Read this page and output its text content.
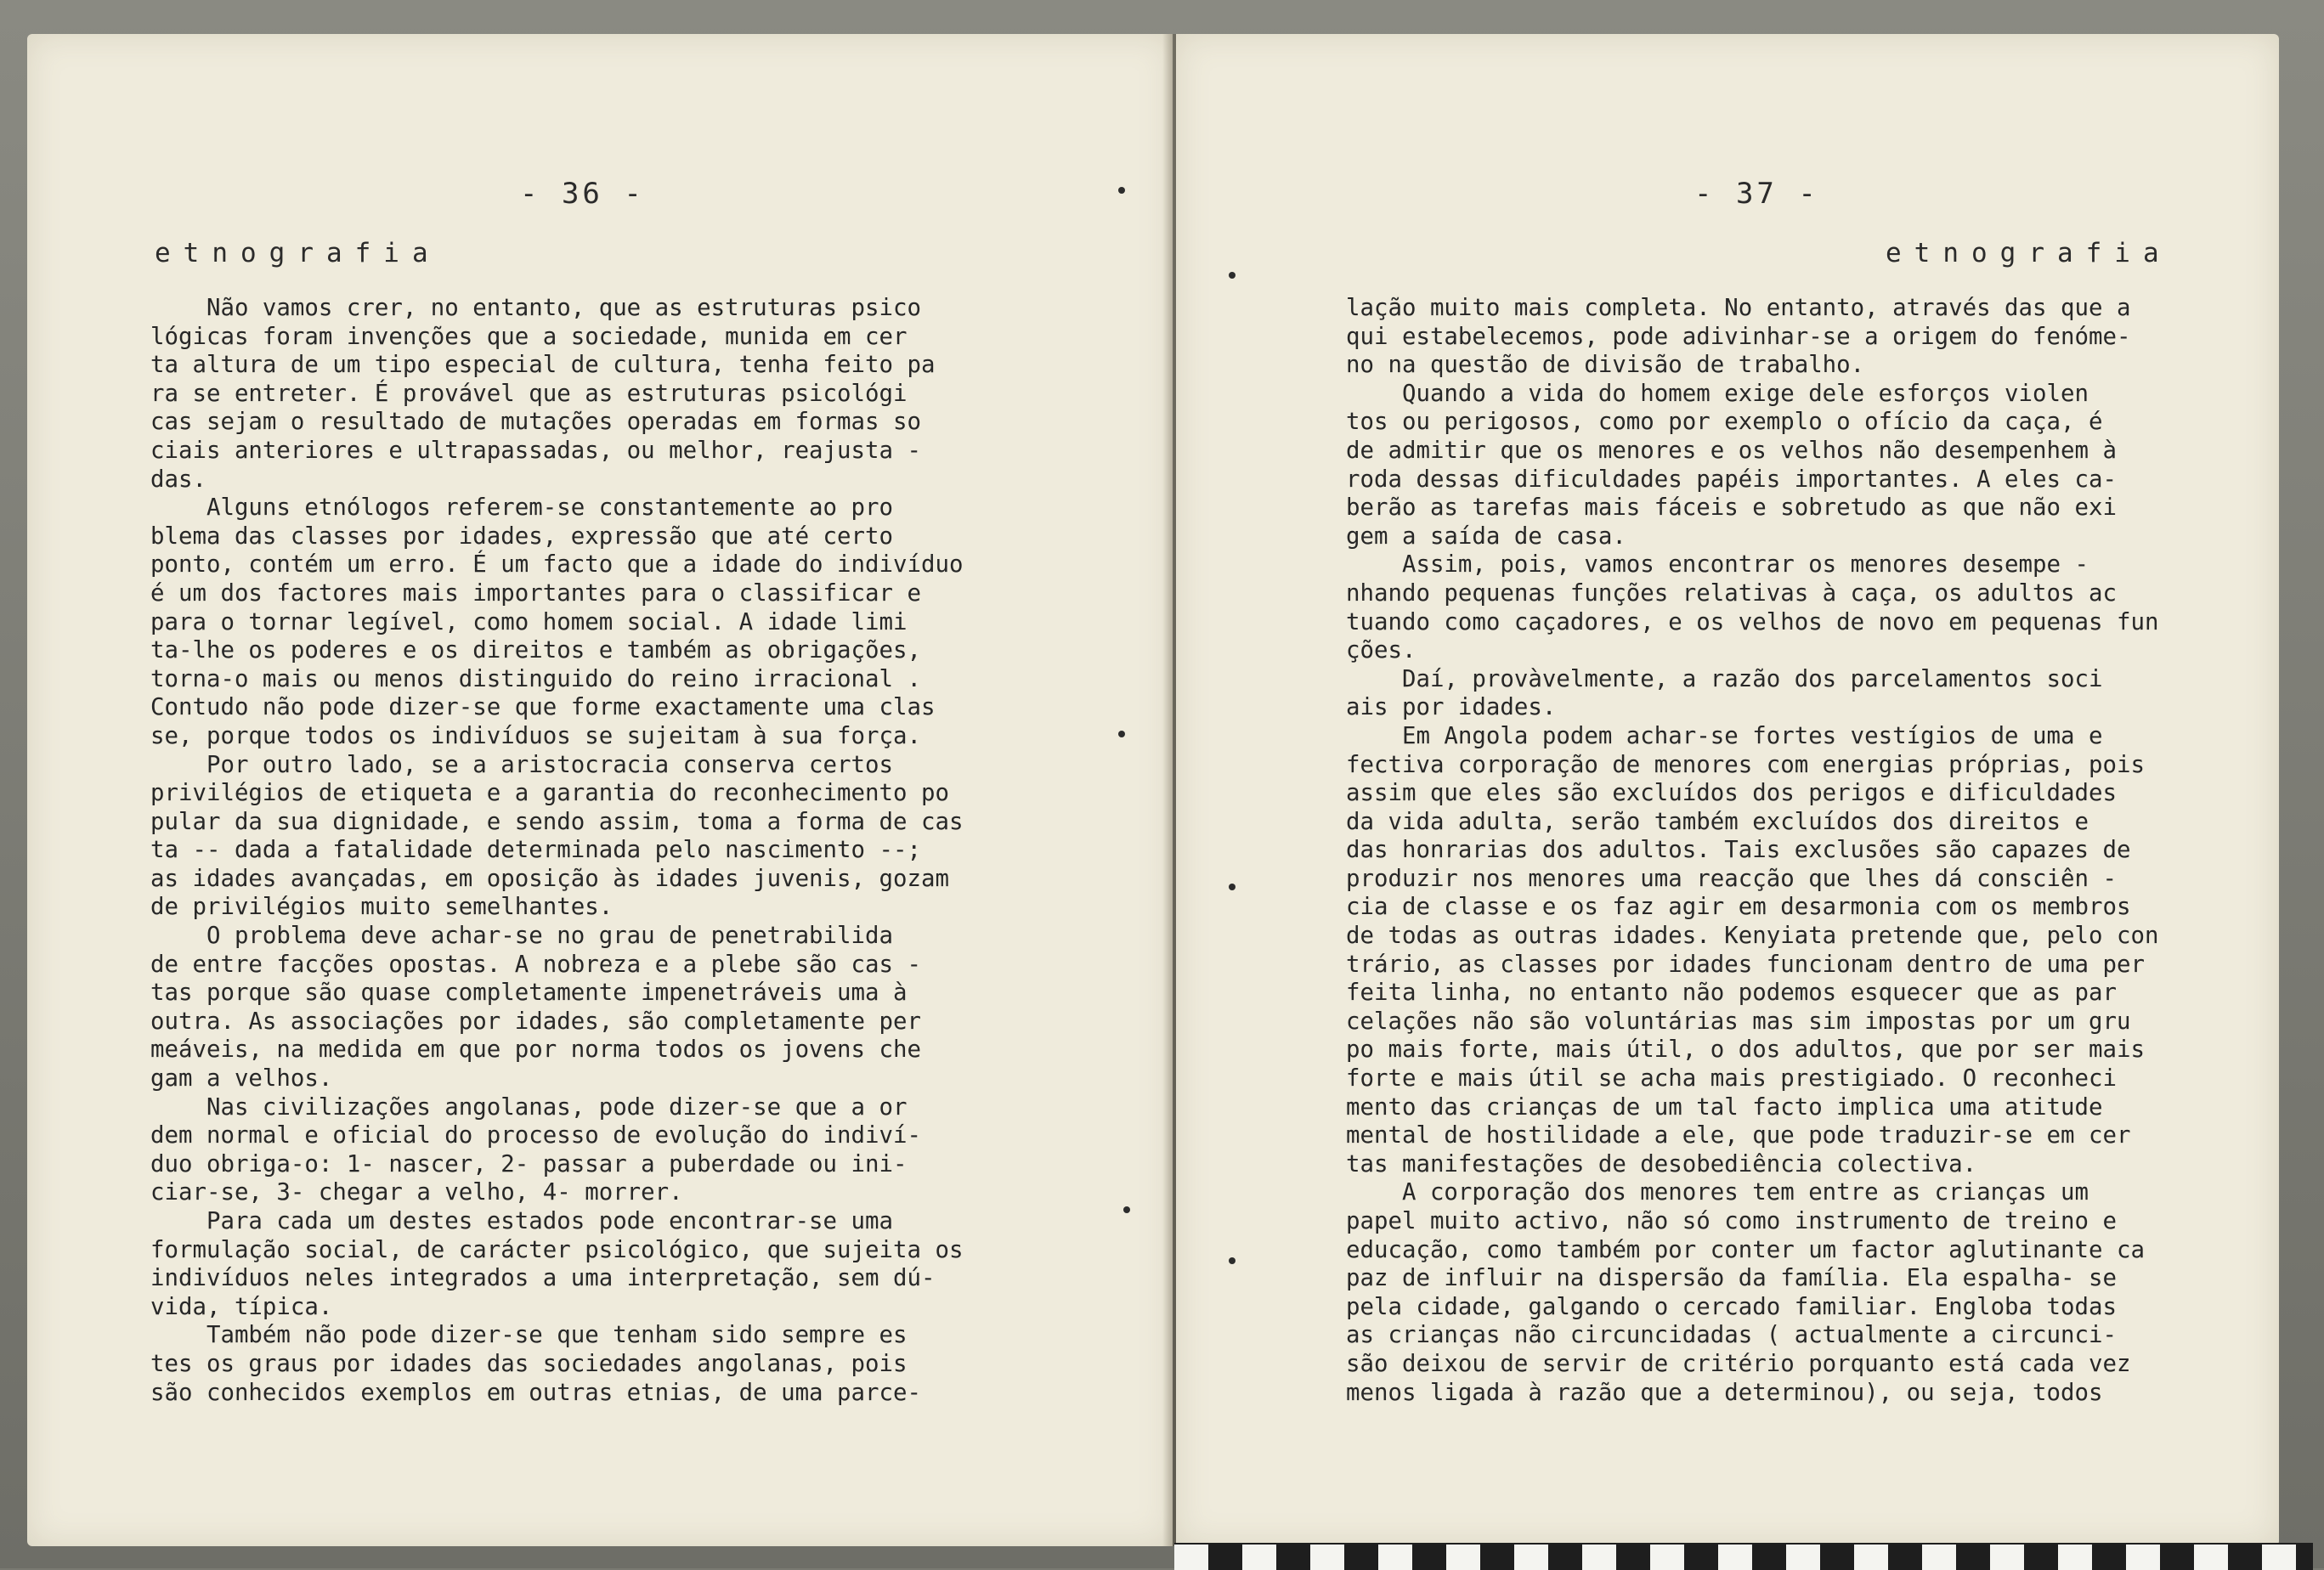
- 36 -
etnografia
Não vamos crer, no entanto, que as estruturas psico
lógicas foram invenções que a sociedade, munida em cer
ta altura de um tipo especial de cultura, tenha feito pa
ra se entreter. É provável que as estruturas psicológi
cas sejam o resultado de mutações operadas em formas so
ciais anteriores e ultrapassadas, ou melhor, reajusta -
das.
Alguns etnólogos referem-se constantemente ao pro
blema das classes por idades, expressão que até certo
ponto, contém um erro. É um facto que a idade do indivíduo
é um dos factores mais importantes para o classificar e
para o tornar legível, como homem social. A idade limi
ta-lhe os poderes e os direitos e também as obrigações,
torna-o mais ou menos distinguido do reino irracional .
Contudo não pode dizer-se que forme exactamente uma clas
se, porque todos os indivíduos se sujeitam à sua força.
Por outro lado, se a aristocracia conserva certos
privilégios de etiqueta e a garantia do reconhecimento po
pular da sua dignidade, e sendo assim, toma a forma de cas
ta -- dada a fatalidade determinada pelo nascimento --;
as idades avançadas, em oposição às idades juvenis, gozam
de privilégios muito semelhantes.
O problema deve achar-se no grau de penetrabilida
de entre facções opostas. A nobreza e a plebe são cas -
tas porque são quase completamente impenetráveis uma à
outra. As associações por idades, são completamente per
meáveis, na medida em que por norma todos os jovens che
gam a velhos.
Nas civilizações angolanas, pode dizer-se que a or
dem normal e oficial do processo de evolução do indiví-
duo obriga-o: 1- nascer, 2- passar a puberdade ou ini-
ciar-se, 3- chegar a velho, 4- morrer.
Para cada um destes estados pode encontrar-se uma
formulação social, de carácter psicológico, que sujeita os
indivíduos neles integrados a uma interpretação, sem dú-
vida, típica.
Também não pode dizer-se que tenham sido sempre es
tes os graus por idades das sociedades angolanas, pois
são conhecidos exemplos em outras etnias, de uma parce-
- 37 -
etnografia
lação muito mais completa. No entanto, através das que a
qui estabelecemos, pode adivinhar-se a origem do fenóme-
no na questão de divisão de trabalho.
Quando a vida do homem exige dele esforços violen
tos ou perigosos, como por exemplo o ofício da caça, é
de admitir que os menores e os velhos não desempenhem à
roda dessas dificuldades papéis importantes. A eles ca-
berão as tarefas mais fáceis e sobretudo as que não exi
gem a saída de casa.
Assim, pois, vamos encontrar os menores desempe -
nhando pequenas funções relativas à caça, os adultos ac
tuando como caçadores, e os velhos de novo em pequenas fun
ções.
Daí, provàvelmente, a razão dos parcelamentos soci
ais por idades.
Em Angola podem achar-se fortes vestígios de uma e
fectiva corporação de menores com energias próprias, pois
assim que eles são excluídos dos perigos e dificuldades
da vida adulta, serão também excluídos dos direitos e
das honrarias dos adultos. Tais exclusões são capazes de
produzir nos menores uma reacção que lhes dá consciên -
cia de classe e os faz agir em desarmonia com os membros
de todas as outras idades. Kenyiata pretende que, pelo con
trário, as classes por idades funcionam dentro de uma per
feita linha, no entanto não podemos esquecer que as par
celações não são voluntárias mas sim impostas por um gru
po mais forte, mais útil, o dos adultos, que por ser mais
forte e mais útil se acha mais prestigiado. O reconheci
mento das crianças de um tal facto implica uma atitude
mental de hostilidade a ele, que pode traduzir-se em cer
tas manifestações de desobediência colectiva.
A corporação dos menores tem entre as crianças um
papel muito activo, não só como instrumento de treino e
educação, como também por conter um factor aglutinante ca
paz de influir na dispersão da família. Ela espalha- se
pela cidade, galgando o cercado familiar. Engloba todas
as crianças não circuncidadas ( actualmente a circunci-
são deixou de servir de critério porquanto está cada vez
menos ligada à razão que a determinou), ou seja, todos
